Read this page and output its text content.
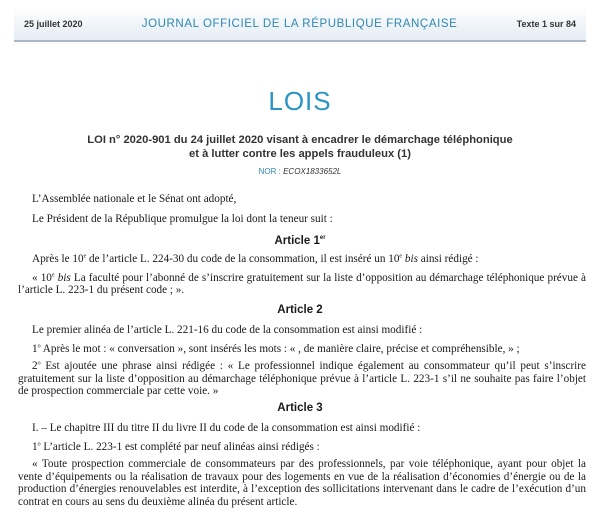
25 juillet 2020	JOURNAL OFFICIEL DE LA RÉPUBLIQUE FRANÇAISE	Texte 1 sur 84
LOIS
LOI n° 2020-901 du 24 juillet 2020 visant à encadrer le démarchage téléphonique
et à lutter contre les appels frauduleux (1)
NOR : ECOX1833652L

L’Assemblée nationale et le Sénat ont adopté,

Le Président de la République promulgue la loi dont la teneur suit :

Article 1er

Après le 10e de l’article L. 224-30 du code de la consommation, il est inséré un 10e bis ainsi rédigé :

« 10e bis La faculté pour l’abonné de s’inscrire gratuitement sur la liste d’opposition au démarchage téléphonique prévue à l’article L. 223-1 du présent code ; ».

Article 2

Le premier alinéa de l’article L. 221-16 du code de la consommation est ainsi modifié :

1$^o$ Après le mot : « conversation », sont insérés les mots : « , de manière claire, précise et compréhensible, » ;

2$^o$ Est ajoutée une phrase ainsi rédigée : « Le professionnel indique également au consommateur qu’il peut s’inscrire gratuitement sur la liste d’opposition au démarchage téléphonique prévue à l’article L. 223-1 s’il ne souhaite pas faire l’objet de prospection commerciale par cette voie. »

Article 3

I. – Le chapitre III du titre II du livre II du code de la consommation est ainsi modifié :

1$^o$ L’article L. 223-1 est complété par neuf alinéas ainsi rédigés :

« Toute prospection commerciale de consommateurs par des professionnels, par voie téléphonique, ayant pour objet la vente d’équipements ou la réalisation de travaux pour des logements en vue de la réalisation d’économies d’énergie ou de la production d’énergies renouvelables est interdite, à l’exception des sollicitations intervenant dans le cadre de l’exécution d’un contrat en cours au sens du deuxième alinéa du présent article.
